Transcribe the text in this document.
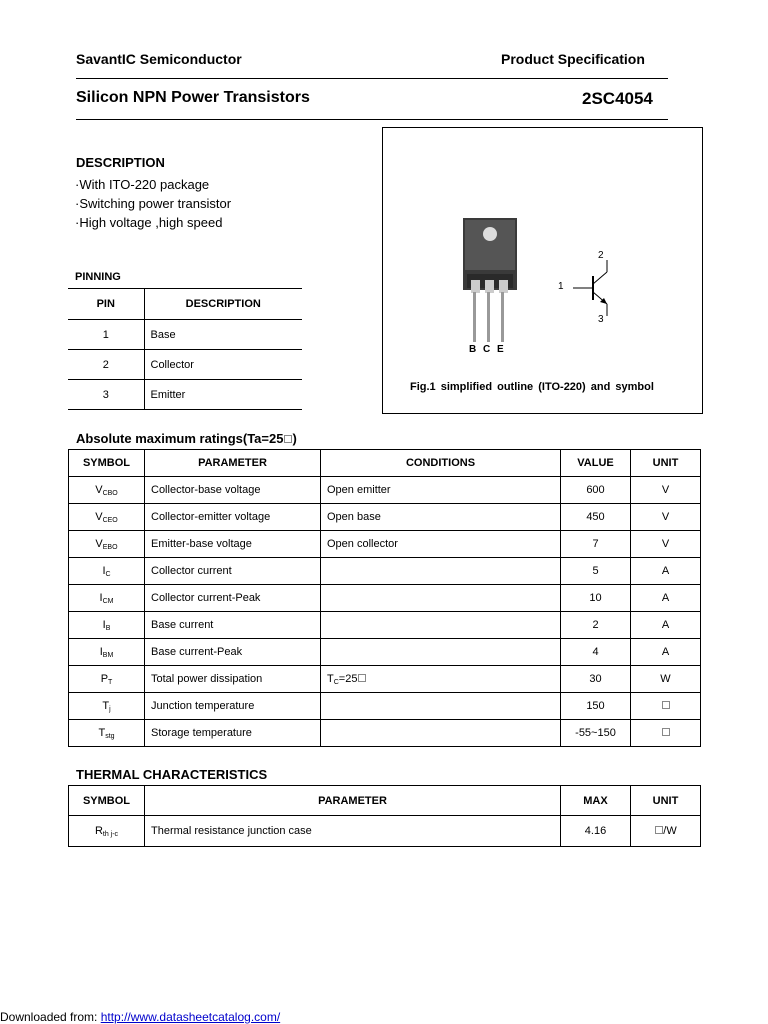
SavantIC Semiconductor	Product Specification
Silicon NPN Power Transistors	2SC4054
DESCRIPTION
·With ITO-220 package
·Switching power transistor
·High voltage ,high speed
PINNING
PIN	DESCRIPTION
1	Base
2	Collector
3	Emitter
B C E
1
2
3
Fig.1 simplified outline (ITO-220) and symbol
Absolute maximum ratings(Ta=25 )
SYMBOL	PARAMETER	CONDITIONS	VALUE	UNIT
$V_{CBO}$	Collector-base voltage	Open emitter	600	V
$V_{CEO}$	Collector-emitter voltage	Open base	450	V
$V_{EBO}$	Emitter-base voltage	Open collector	7	V
$I_C$	Collector current		5	A
$I_{CM}$	Collector current-Peak		10	A
$I_B$	Base current		2	A
$I_{BM}$	Base current-Peak		4	A
$P_T$	Total power dissipation	$T_C=25$	30	W
$T_j$	Junction temperature		150	
$T_{stg}$	Storage temperature		-55~150	
THERMAL CHARACTERISTICS
SYMBOL	PARAMETER	MAX	UNIT
$R_{th j-c}$	Thermal resistance junction case	4.16	/W
Downloaded from: http://www.datasheetcatalog.com/
